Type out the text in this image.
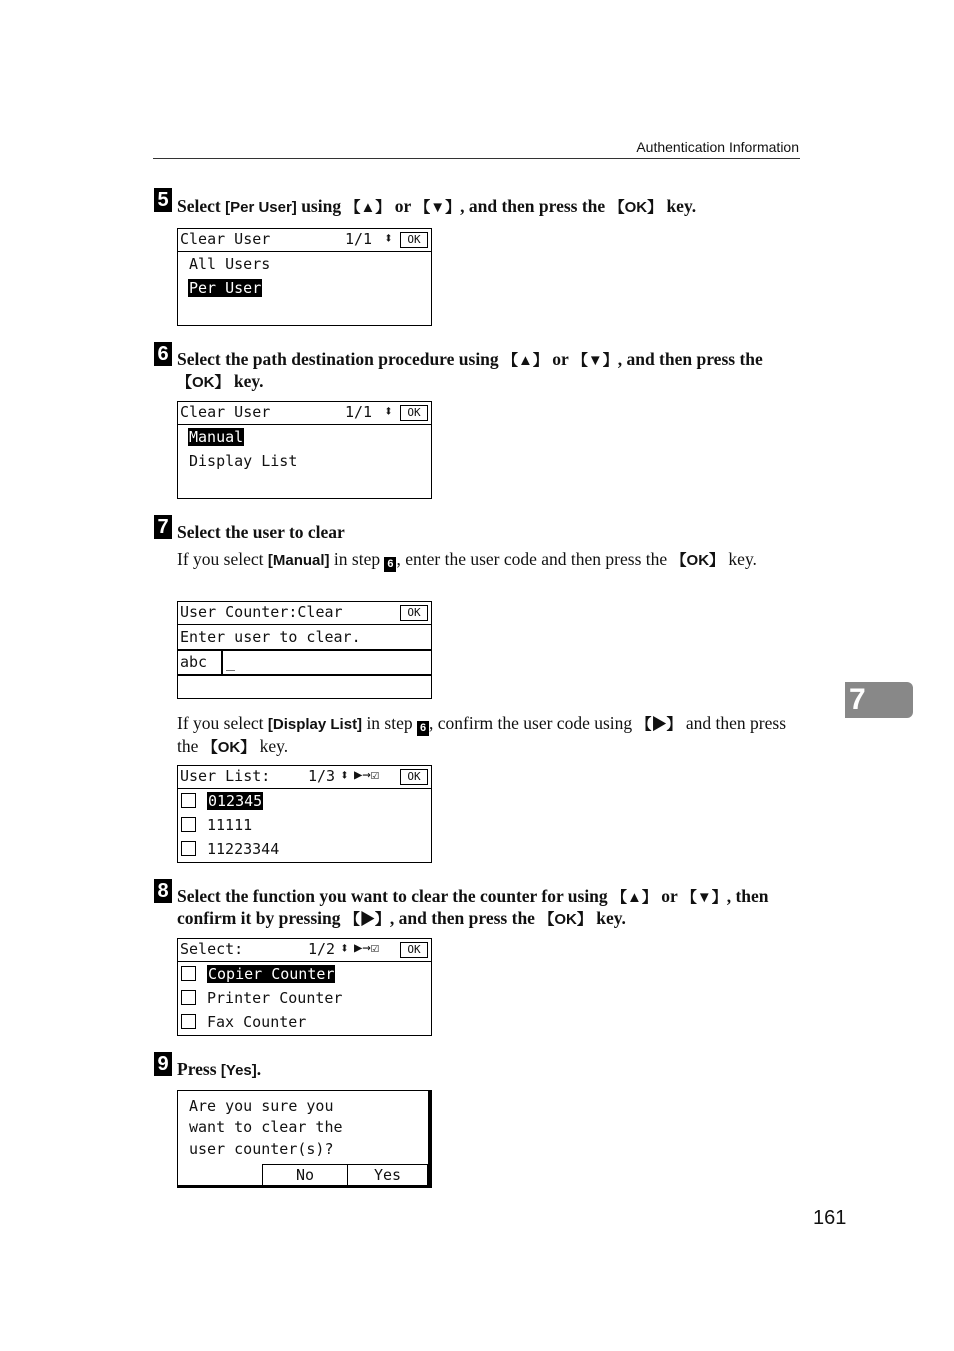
Authentication Information
5 Select [Per User] using 【▲】 or 【▼】, and then press the 【OK】 key.
Clear User	1/1 ⬍	OK
All Users
Per User
6 Select the path destination procedure using 【▲】 or 【▼】, and then press the 【OK】 key.
Clear User	1/1 ⬍	OK
Manual
Display List
7 Select the user to clear
If you select [Manual] in step 6 , enter the user code and then press the 【OK】 key.
User Counter:Clear	OK
Enter user to clear.
abc _
If you select [Display List] in step 6 , confirm the user code using 【▶】 and then press the 【OK】 key.
User List:	1/3 ⬍ ▶→☑	OK
012345
11111
11223344
8 Select the function you want to clear the counter for using 【▲】 or 【▼】, then confirm it by pressing 【▶】, and then press the 【OK】 key.
Select:	1/2 ⬍ ▶→☑	OK
Copier Counter
Printer Counter
Fax Counter
9 Press [Yes].
Are you sure you
want to clear the
user counter(s)?
No	Yes
7
161
